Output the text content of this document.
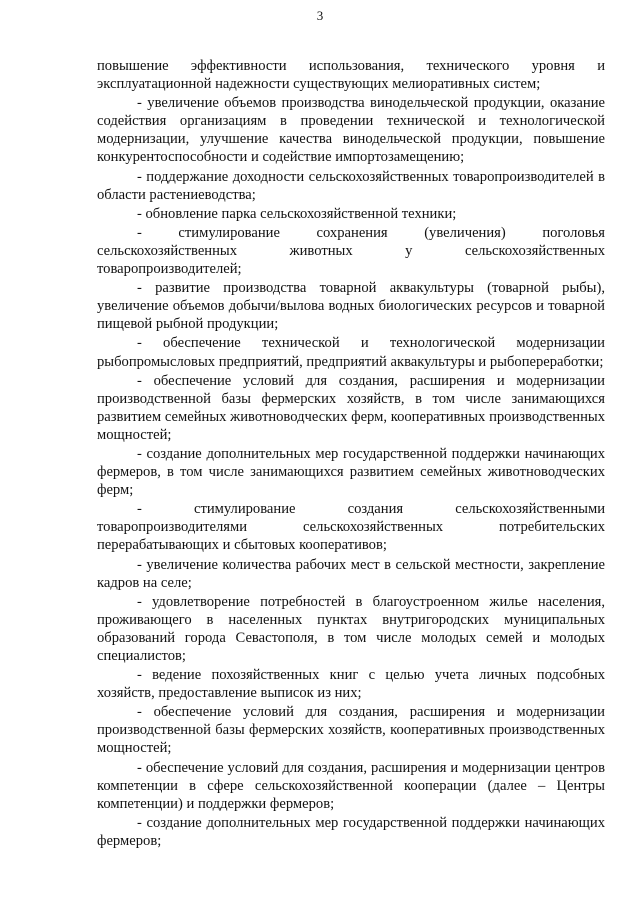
3

повышение эффективности использования, технического уровня и эксплуатационной надежности существующих мелиоративных систем;

- увеличение объемов производства винодельческой продукции, оказание содействия организациям в проведении технической и технологической модернизации, улучшение качества винодельческой продукции, повышение конкурентоспособности и содействие импортозамещению;

- поддержание доходности сельскохозяйственных товаропроизводителей в области растениеводства;

- обновление парка сельскохозяйственной техники;

- стимулирование сохранения (увеличения) поголовья сельскохозяйственных животных у сельскохозяйственных товаропроизводителей;

- развитие производства товарной аквакультуры (товарной рыбы), увеличение объемов добычи/вылова водных биологических ресурсов и товарной пищевой рыбной продукции;

- обеспечение технической и технологической модернизации рыбопромысловых предприятий, предприятий аквакультуры и рыбопереработки;

- обеспечение условий для создания, расширения и модернизации производственной базы фермерских хозяйств, в том числе занимающихся развитием семейных животноводческих ферм, кооперативных производственных мощностей;

- создание дополнительных мер государственной поддержки начинающих фермеров, в том числе занимающихся развитием семейных животноводческих ферм;

- стимулирование создания сельскохозяйственными товаропроизводителями сельскохозяйственных потребительских перерабатывающих и сбытовых кооперативов;

- увеличение количества рабочих мест в сельской местности, закрепление кадров на селе;

- удовлетворение потребностей в благоустроенном жилье населения, проживающего в населенных пунктах внутригородских муниципальных образований города Севастополя, в том числе молодых семей и молодых специалистов;

- ведение похозяйственных книг с целью учета личных подсобных хозяйств, предоставление выписок из них;

- обеспечение условий для создания, расширения и модернизации производственной базы фермерских хозяйств, кооперативных производственных мощностей;

- обеспечение условий для создания, расширения и модернизации центров компетенции в сфере сельскохозяйственной кооперации (далее – Центры компетенции) и поддержки фермеров;

- создание дополнительных мер государственной поддержки начинающих фермеров;
